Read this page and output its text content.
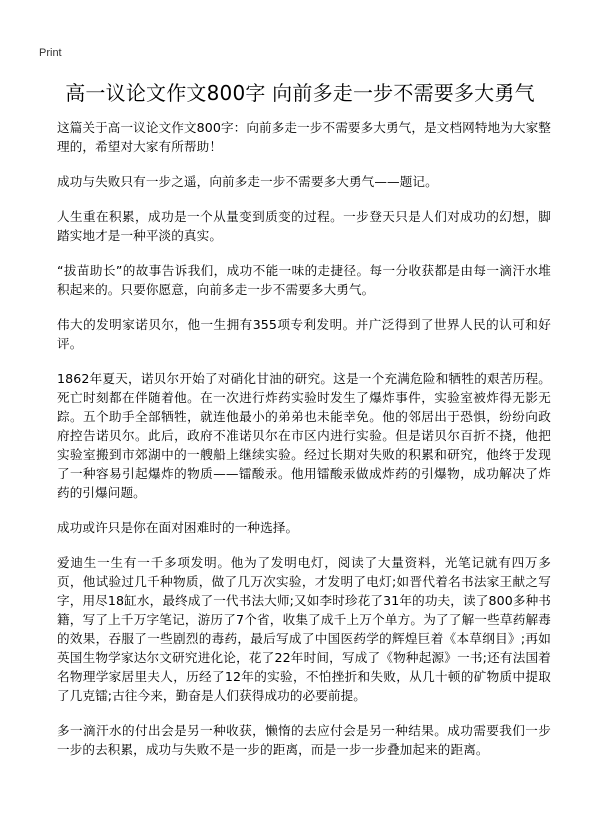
Print
高一议论文作文800字 向前多走一步不需要多大勇气

这篇关于高一议论文作文800字：向前多走一步不需要多大勇气，是文档网特地为大家整理的，希望对大家有所帮助！

成功与失败只有一步之遥，向前多走一步不需要多大勇气——题记。

人生重在积累，成功是一个从量变到质变的过程。一步登天只是人们对成功的幻想，脚踏实地才是一种平淡的真实。

“拔苗助长”的故事告诉我们，成功不能一味的走捷径。每一分收获都是由每一滴汗水堆积起来的。只要你愿意，向前多走一步不需要多大勇气。

伟大的发明家诺贝尔，他一生拥有355项专利发明。并广泛得到了世界人民的认可和好评。

1862年夏天，诺贝尔开始了对硝化甘油的研究。这是一个充满危险和牺牲的艰苦历程。死亡时刻都在伴随着他。在一次进行炸药实验时发生了爆炸事件，实验室被炸得无影无踪。五个助手全部牺牲，就连他最小的弟弟也未能幸免。他的邻居出于恐惧，纷纷向政府控告诺贝尔。此后，政府不准诺贝尔在市区内进行实验。但是诺贝尔百折不挠，他把实验室搬到市郊湖中的一艘船上继续实验。经过长期对失败的积累和研究，他终于发现了一种容易引起爆炸的物质——镭酸汞。他用镭酸汞做成炸药的引爆物，成功解决了炸药的引爆问题。

成功或许只是你在面对困难时的一种选择。

爱迪生一生有一千多项发明。他为了发明电灯，阅读了大量资料，光笔记就有四万多页，他试验过几千种物质，做了几万次实验，才发明了电灯;如晋代着名书法家王献之写字，用尽18缸水，最终成了一代书法大师;又如李时珍花了31年的功夫，读了800多种书籍，写了上千万字笔记，游历了7个省，收集了成千上万个单方。为了了解一些草药解毒的效果，吞服了一些剧烈的毒药，最后写成了中国医药学的辉煌巨着《本草纲目》;再如英国生物学家达尔文研究进化论，花了22年时间，写成了《物种起源》一书;还有法国着名物理学家居里夫人，历经了12年的实验，不怕挫折和失败，从几十顿的矿物质中提取了几克镭;古往今来，勤奋是人们获得成功的必要前提。

多一滴汗水的付出会是另一种收获，懒惰的去应付会是另一种结果。成功需要我们一步一步的去积累，成功与失败不是一步的距离，而是一步一步叠加起来的距离。
